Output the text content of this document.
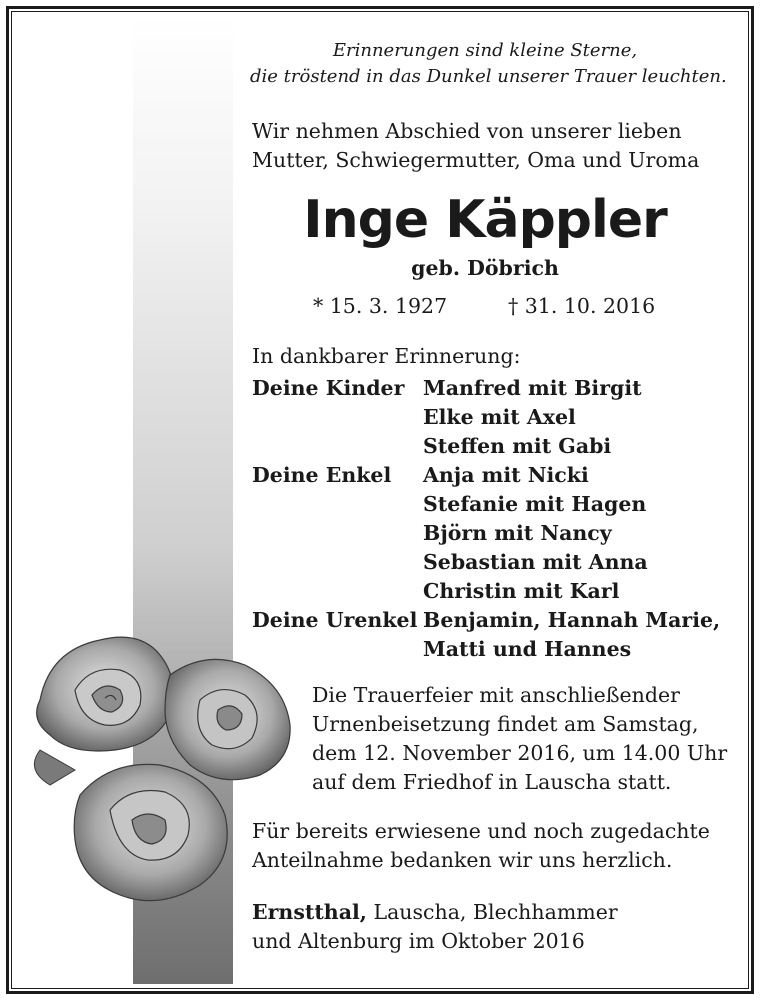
Erinnerungen sind kleine Sterne,
die tröstend in das Dunkel unserer Trauer leuchten.
Wir nehmen Abschied von unserer lieben
Mutter, Schwiegermutter, Oma und Uroma
Inge Käppler
geb. Döbrich
* 15. 3. 1927	† 31. 10. 2016
In dankbarer Erinnerung:
Deine Kinder Manfred mit Birgit
Elke mit Axel
Steffen mit Gabi
Deine Enkel Anja mit Nicki
Stefanie mit Hagen
Björn mit Nancy
Sebastian mit Anna
Christin mit Karl
Deine Urenkel Benjamin, Hannah Marie,
Matti und Hannes
Die Trauerfeier mit anschließender
Urnenbeisetzung findet am Samstag,
dem 12. November 2016, um 14.00 Uhr
auf dem Friedhof in Lauscha statt.
Für bereits erwiesene und noch zugedachte
Anteilnahme bedanken wir uns herzlich.
Ernstthal, Lauscha, Blechhammer
und Altenburg im Oktober 2016
